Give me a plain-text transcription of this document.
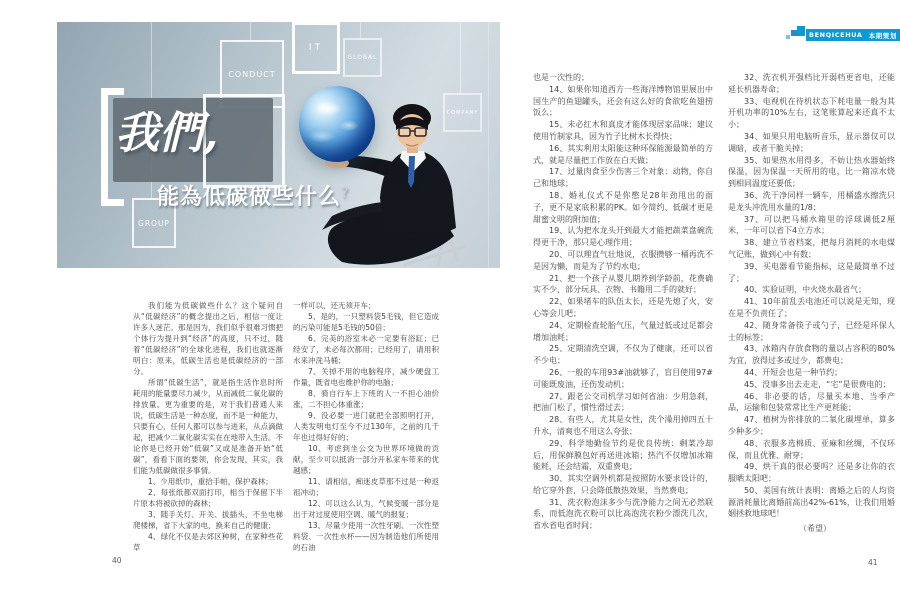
BENQICEHUA 本期策划
CONDUCT
IT
GLOBAL
COMPANY
GROUP
我們,
能為低碳做些什么?

我们能为低碳做些什么？这个疑问自从“低碳经济”的概念提出之后，相信一度让许多人迷茫。那是因为，我们似乎很难习惯把个体行为提升到“经济”的高度，只不过，随着“低碳经济”的全球化进程，我们也就逐渐明白：原来，低碳生活也是低碳经济的一部分。

所谓“低碳生活”，就是指生活作息时所耗用的能量要尽力减少，从而减低二氧化碳的排放量。更为重要的是，对于我们普通人来说，低碳生活是一种态度，而不是一种能力，只要有心，任何人都可以参与进来，从点滴做起，把减少二氧化碳实实在在地带入生活。不论你是已经开始“低碳”又或是准备开始“低碳”，看看下面的要领，你会发现，其实，我们能为低碳做很多事情。

1、少用纸巾，重拾手帕，保护森林；

2、每张纸都双面打印，相当于保留下半片原本将被砍掉的森林；

3、随手关灯、开关、拔插头，不坐电梯爬楼梯，省下大家的电，换来自己的健康；

4、绿化不仅是去郊区种树，在家种些花草

一样可以，还无须开车；

5、是的，一只塑料袋5毛钱，但它造成的污染可能是5毛钱的50倍；

6、完美的浴室未必一定要有浴缸；已经安了，未必每次都用；已经用了，请用积水来冲洗马桶；

7、关掉不用的电脑程序，减少硬盘工作量，既省电也维护你的电脑；

8、骑自行车上下班的人一不担心油价涨，二不担心体重涨；

9、没必要一进门就把全部照明打开，人类发明电灯至今不过130年，之前的几千年也过得好好的；

10、考虑到坐公交为世界环境做的贡献，至少可以抵消一部分开私家车带来的优越感；

11、请相信，痴迷皮草那不过是一种返祖冲动；

12、可以这么认为，气候变暖一部分是出于对过度使用空调、暖气的报复；

13、尽量少使用一次性牙刷、一次性塑料袋、一次性水杯——因为制造他们所使用的石油

也是一次性的；

14、如果你知道西方一些海洋博物馆里展出中国生产的鱼翅罐头，还会有这么好的食欲吃鱼翅捞饭么；

15、未必红木和真皮才能体现居家品味；建议使用竹制家具，因为竹子比树木长得快；

16、其实利用太阳能这种环保能源最简单的方式，就是尽量把工作放在白天做；

17、过量肉食至少伤害三个对象：动物，你自己和地球；

18、婚礼仪式不是你憋足28年劲甩出的面子，更不是家底积累的PK。如今简约、低碳才更是甜蜜文明的附加值；

19、认为把水龙头开到最大才能把蔬菜盘碗洗得更干净，那只是心理作用；

20、可以理直气壮地说，衣服攒够一桶再洗不是因为懒，而是为了节约水电；

21、把一个孩子从婴儿期养到学龄前，花费确实不少，部分玩具、衣物、书籍用二手的就好；

22、如果堵车的队伍太长，还是先熄了火，安心等会儿吧；

24、定期检查轮胎气压，气量过低或过足都会增加油耗；

25、定期清洗空调，不仅为了健康，还可以省不少电；

26、一般的车用93#油就够了，盲目使用97#可能既废油，还伤发动机；

27、跟老公交司机学习如何省油：少用急刹，把油门松了，惯性滑过去；

28、有些人，尤其是女性，洗个澡用掉四五十升水，清爽也不用这么夸张；

29、科学地勤俭节约是优良传统：剩菜冷却后，用保鲜膜包好再送进冰箱；热汽不仅增加冰箱能耗，还会结霜，双重费电；

30、其实空调外机都是按照防水要求设计的，给它穿外套，只会降低散热效果，当然费电；

31、洗衣粉泡沫多少与洗净能力之间无必然联系，而低泡洗衣粉可以比高泡洗衣粉少漂洗几次，省水省电省时间；

32、洗衣机开强档比开弱档更省电，还能延长机器寿命；

33、电视机在待机状态下耗电量一般为其开机功率的10%左右，这笔账算起来还真不太小；

34、如果只用电脑听音乐，显示器仅可以调暗，或者干脆关掉；

35、如果热水用得多，不妨让热水器始终保温，因为保温一天所用的电，比一箱凉水烧到相同温度还要低；

36、洗干净同样一辆车，用桶盛水擦洗只是龙头冲洗用水量的1/8；

37、可以把马桶水箱里的浮球调低2厘米，一年可以省下4立方水；

38、建立节省档案，把每月消耗的水电煤气记账，做到心中有数；

39、买电器看节能指标，这是最简单不过了；

40、实验证明，中火烧水最省气；

41、10年前乱丢电池还可以说是无知，现在是不负责任了；

42、随身常备筷子或勺子，已经是环保人士的标签；

43、冰箱内存放食物的量以占容积的80%为宜，放得过多或过少，都费电；

44、开短会也是一种节约；

45、没事多出去走走，“宅”是很费电的；

46、非必要的话，尽量买本地、当季产品，运输和包装常常比生产更耗能；

47、植树为你排放的二氧化碳埋单，算多少种多少；

48、衣服多选棉质、亚麻和丝绸，不仅环保，而且优雅、耐穿；

49、烘干真的很必要吗？还是多让你的衣服晒太阳吧；

50、美国有统计表明：离婚之后的人均资源消耗量比离婚前高出42%-61%，让我们用婚姻拯救地球吧！

（希望）

40	41
